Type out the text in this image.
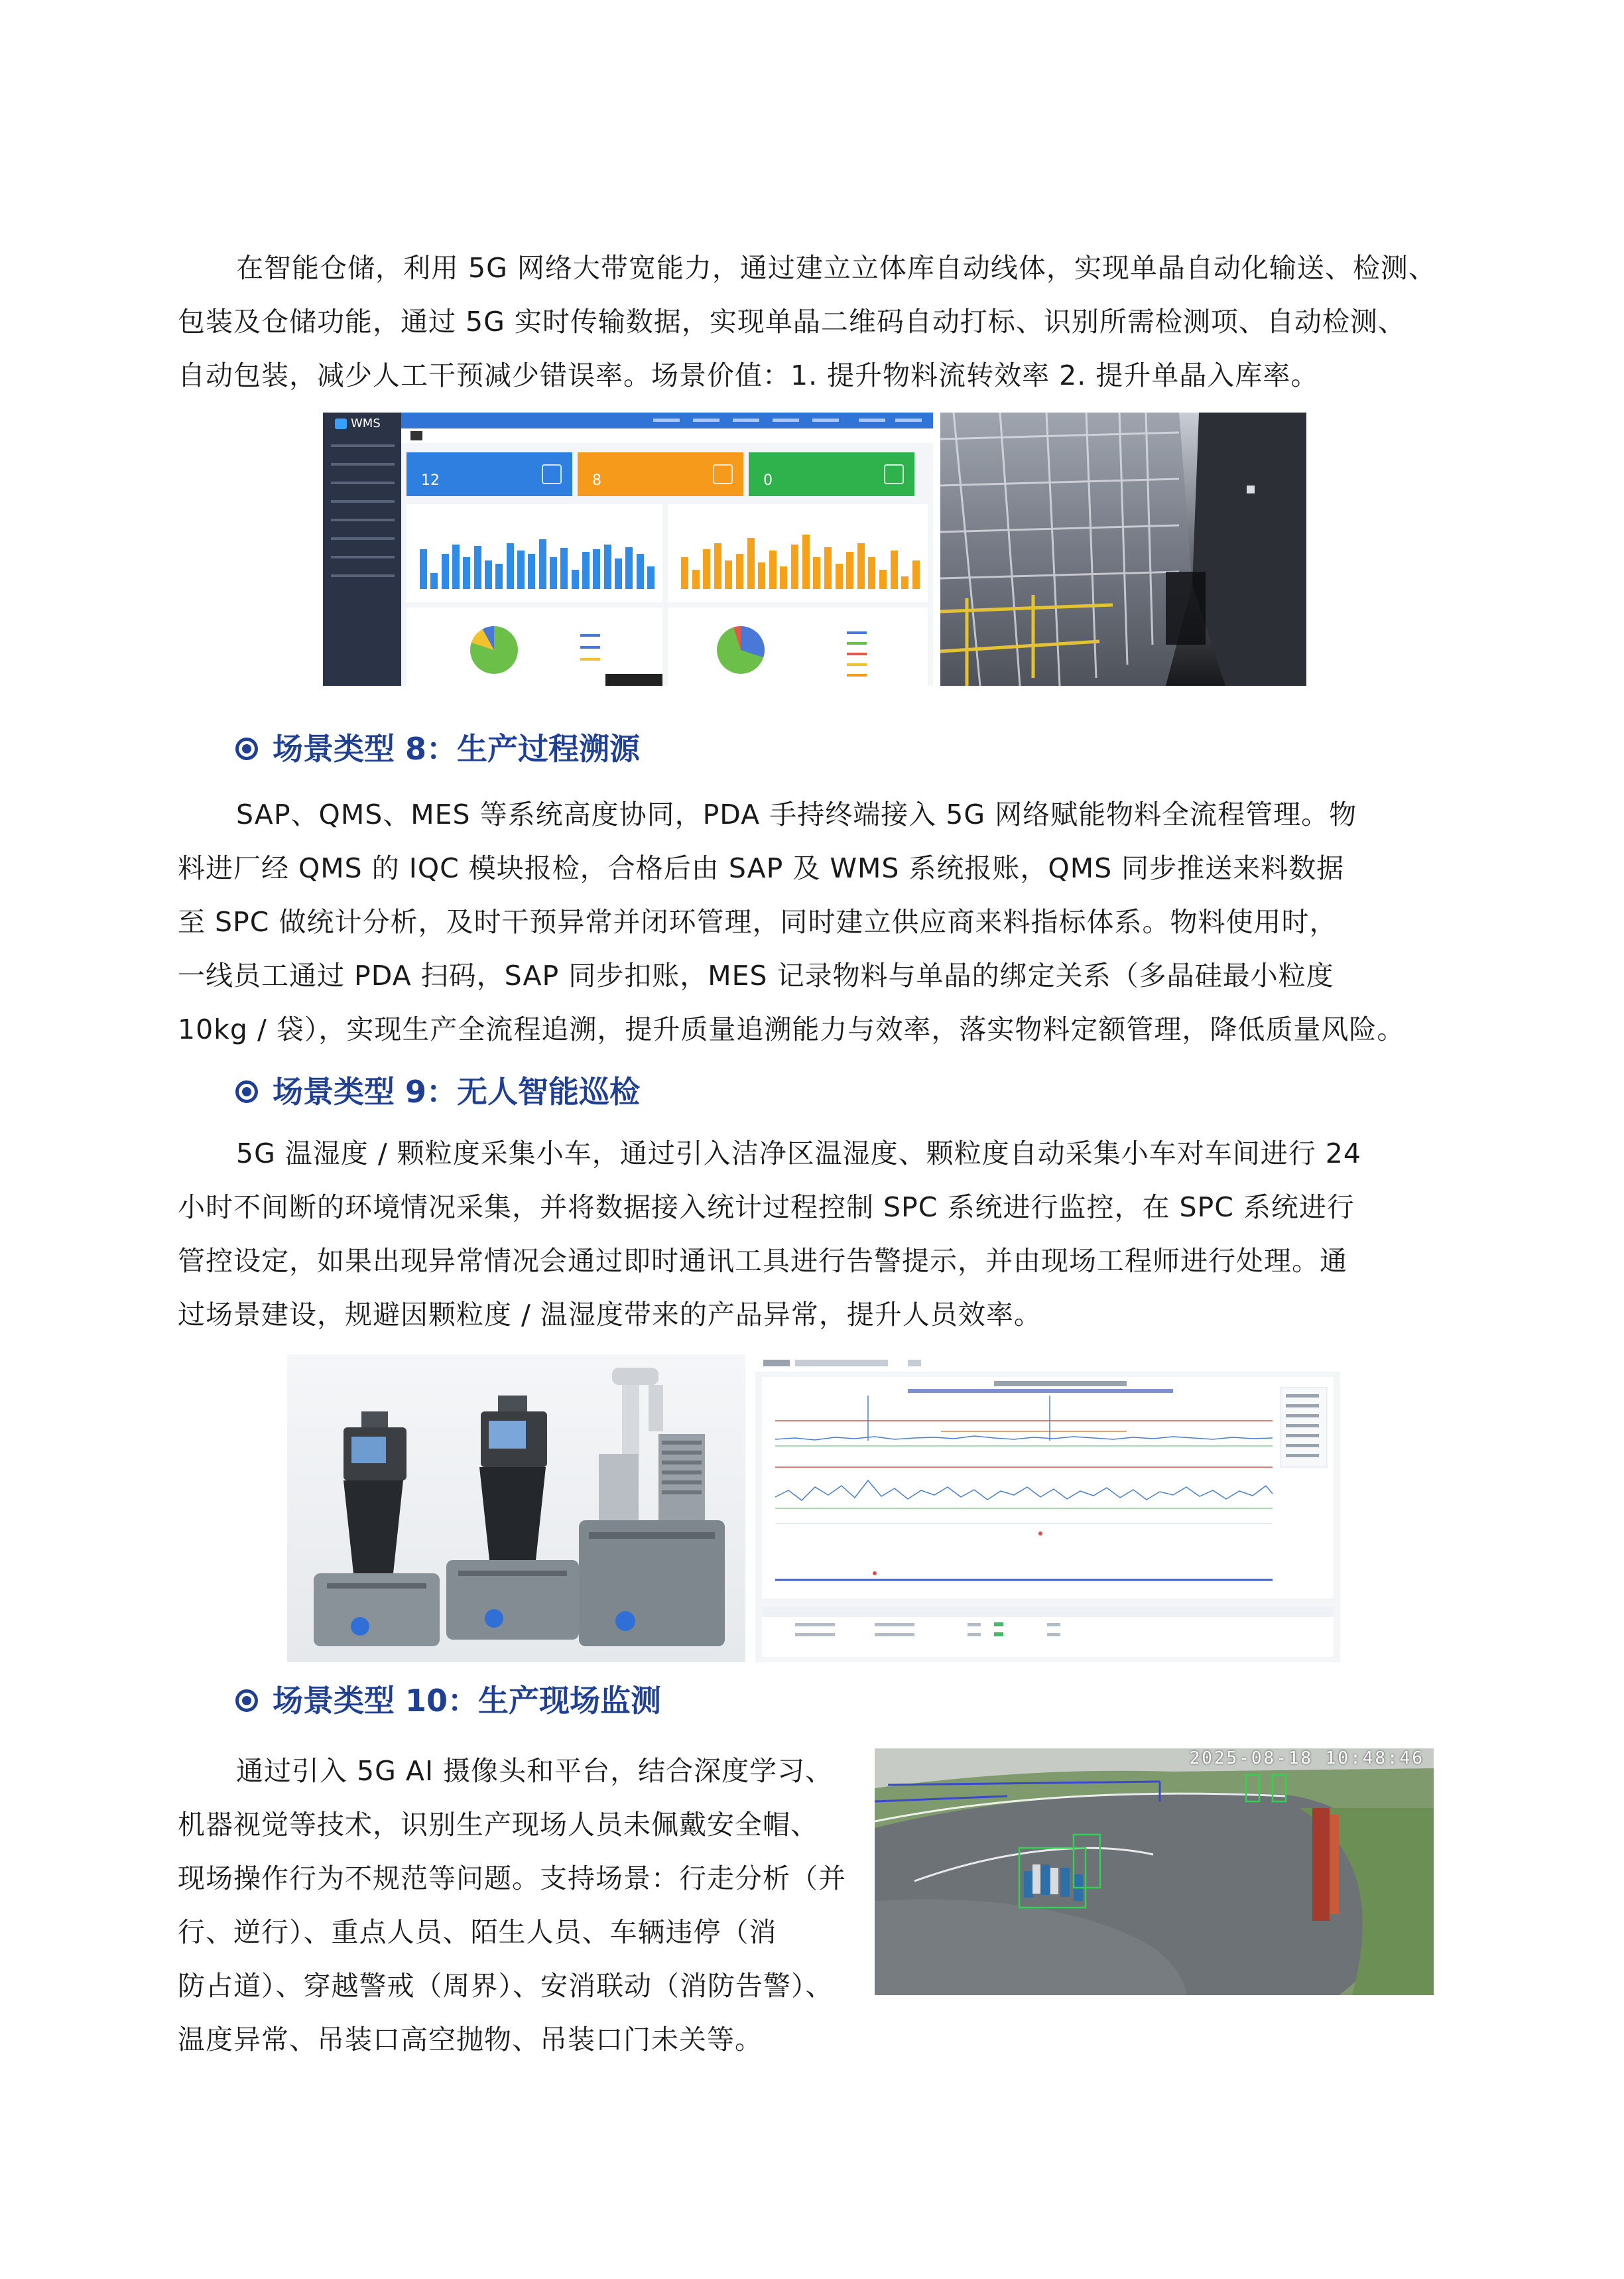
在智能仓储，利用 5G 网络大带宽能力，通过建立立体库自动线体，实现单晶自动化输送、检测、
包装及仓储功能，通过 5G 实时传输数据，实现单晶二维码自动打标、识别所需检测项、自动检测、
自动包装，减少人工干预减少错误率。场景价值：1. 提升物料流转效率 2. 提升单晶入库率。
WMS
12	8	0
场景类型 8：生产过程溯源
SAP、QMS、MES 等系统高度协同，PDA 手持终端接入 5G 网络赋能物料全流程管理。物
料进厂经 QMS 的 IQC 模块报检，合格后由 SAP 及 WMS 系统报账，QMS 同步推送来料数据
至 SPC 做统计分析，及时干预异常并闭环管理，同时建立供应商来料指标体系。物料使用时，
一线员工通过 PDA 扫码，SAP 同步扣账，MES 记录物料与单晶的绑定关系（多晶硅最小粒度
10kg / 袋），实现生产全流程追溯，提升质量追溯能力与效率，落实物料定额管理，降低质量风险。
场景类型 9：无人智能巡检
5G 温湿度 / 颗粒度采集小车，通过引入洁净区温湿度、颗粒度自动采集小车对车间进行 24
小时不间断的环境情况采集，并将数据接入统计过程控制 SPC 系统进行监控，在 SPC 系统进行
管控设定，如果出现异常情况会通过即时通讯工具进行告警提示，并由现场工程师进行处理。通
过场景建设，规避因颗粒度 / 温湿度带来的产品异常，提升人员效率。
场景类型 10：生产现场监测
通过引入 5G AI 摄像头和平台，结合深度学习、
机器视觉等技术，识别生产现场人员未佩戴安全帽、
现场操作行为不规范等问题。支持场景：行走分析（并
行、逆行）、重点人员、陌生人员、车辆违停（消
防占道）、穿越警戒（周界）、安消联动（消防告警）、
温度异常、吊装口高空抛物、吊装口门未关等。
2025-08-18 10:48:46
